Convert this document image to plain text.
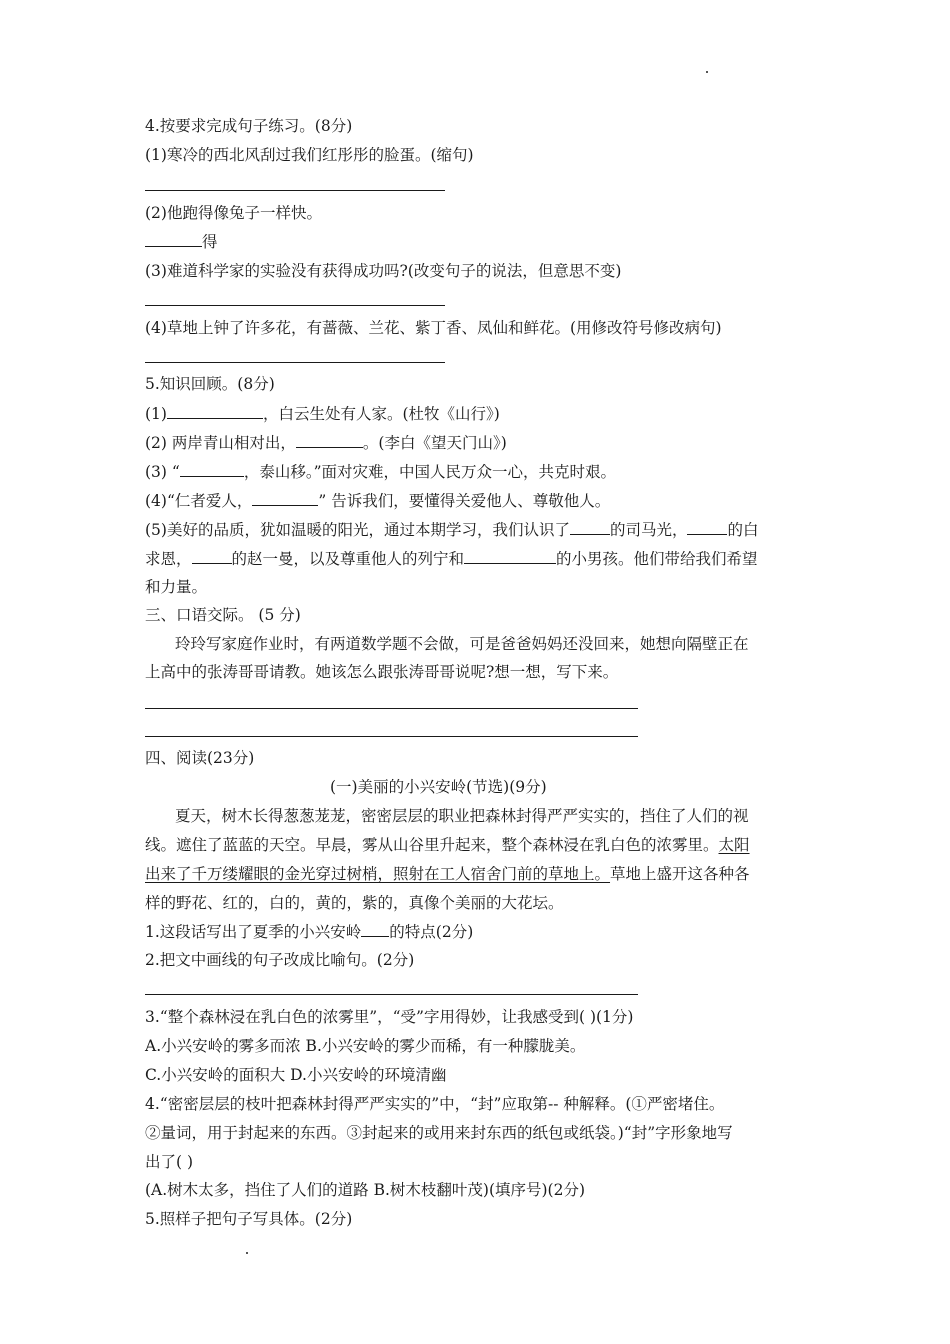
4.按要求完成句子练习。(8分)
(1)寒冷的西北风刮过我们红彤彤的脸蛋。(缩句)
(2)他跑得像兔子一样快。
得
(3)难道科学家的实验没有获得成功吗?(改变句子的说法，但意思不变)
(4)草地上钟了许多花，有蔷薇、兰花、紫丁香、凤仙和鲜花。(用修改符号修改病句)
5.知识回顾。(8分)
(1)	，白云生处有人家。(杜牧《山行》)
(2) 两岸青山相对出，	。(李白《望天门山》)
(3) “	，泰山移。”面对灾难，中国人民万众一心，共克时艰。
(4)“仁者爱人，	” 告诉我们，要懂得关爱他人、尊敬他人。
(5)美好的品质，犹如温暖的阳光，通过本期学习，我们认识了	的司马光，	的白
求恩，	的赵一曼，以及尊重他人的列宁和	的小男孩。他们带给我们希望
和力量。
三、口语交际。 (5 分)
玲玲写家庭作业时，有两道数学题不会做，可是爸爸妈妈还没回来，她想向隔壁正在
上高中的张涛哥哥请教。她该怎么跟张涛哥哥说呢?想一想，写下来。
四、阅读(23分)
(一)美丽的小兴安岭(节选)(9分)
夏天，树木长得葱葱茏茏，密密层层的职业把森林封得严严实实的，挡住了人们的视
线。遮住了蓝蓝的天空。早晨，雾从山谷里升起来，整个森林浸在乳白色的浓雾里。太阳
出来了千万缕耀眼的金光穿过树梢，照射在工人宿舍门前的草地上。草地上盛开这各种各
样的野花、红的，白的，黄的，紫的，真像个美丽的大花坛。
1.这段话写出了夏季的小兴安岭 的特点(2分)
2.把文中画线的句子改成比喻句。(2分)
3.“整个森林浸在乳白色的浓雾里”，“受”字用得妙，让我感受到( )(1分)
A.小兴安岭的雾多而浓 B.小兴安岭的雾少而稀，有一种朦胧美。
C.小兴安岭的面积大 D.小兴安岭的环境清幽
4.“密密层层的枝叶把森林封得严严实实的”中，“封”应取第-- 种解释。(①严密堵住。
②量词，用于封起来的东西。③封起来的或用来封东西的纸包或纸袋。)“封”字形象地写
出了( )
(A.树木太多，挡住了人们的道路 B.树木枝翻叶茂)(填序号)(2分)
5.照样子把句子写具体。(2分)
